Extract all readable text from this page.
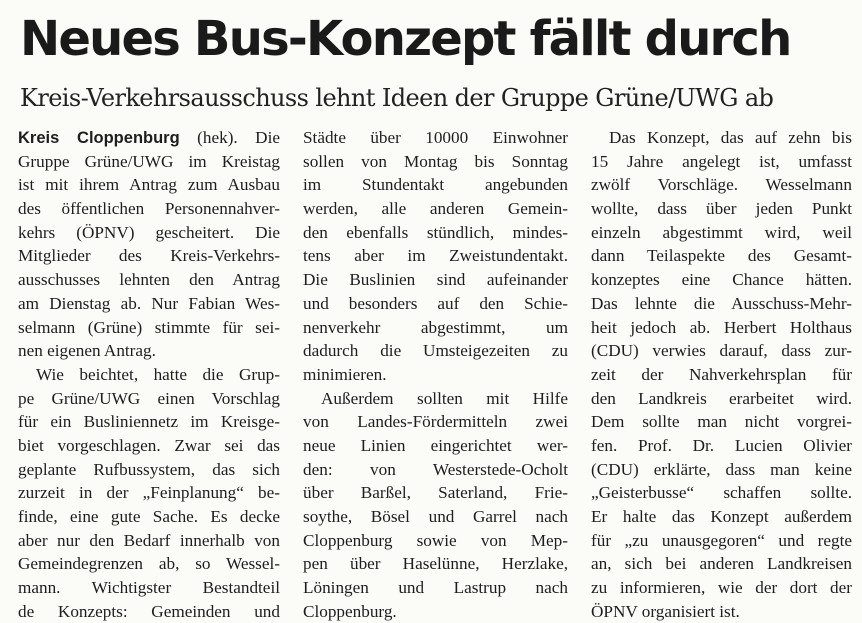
Neues Bus-Konzept fällt durch
Kreis-Verkehrsausschuss lehnt Ideen der Gruppe Grüne/UWG ab
Kreis Cloppenburg (hek). Die
Gruppe Grüne/UWG im Kreistag
ist mit ihrem Antrag zum Ausbau
des öffentlichen Personennahver-
kehrs (ÖPNV) gescheitert. Die
Mitglieder des Kreis-Verkehrs-
ausschusses lehnten den Antrag
am Dienstag ab. Nur Fabian Wes-
selmann (Grüne) stimmte für sei-
nen eigenen Antrag.
Wie beichtet, hatte die Grup-
pe Grüne/UWG einen Vorschlag
für ein Busliniennetz im Kreisge-
biet vorgeschlagen. Zwar sei das
geplante Rufbussystem, das sich
zurzeit in der „Feinplanung“ be-
finde, eine gute Sache. Es decke
aber nur den Bedarf innerhalb von
Gemeindegrenzen ab, so Wessel-
mann. Wichtigster Bestandteil
de Konzepts: Gemeinden und
Städte über 10000 Einwohner
sollen von Montag bis Sonntag
im Stundentakt angebunden
werden, alle anderen Gemein-
den ebenfalls stündlich, mindes-
tens aber im Zweistundentakt.
Die Buslinien sind aufeinander
und besonders auf den Schie-
nenverkehr abgestimmt, um
dadurch die Umsteigezeiten zu
minimieren.
Außerdem sollten mit Hilfe
von Landes-Fördermitteln zwei
neue Linien eingerichtet wer-
den: von Westerstede-Ocholt
über Barßel, Saterland, Frie-
soythe, Bösel und Garrel nach
Cloppenburg sowie von Mep-
pen über Haselünne, Herzlake,
Löningen und Lastrup nach
Cloppenburg.
Das Konzept, das auf zehn bis
15 Jahre angelegt ist, umfasst
zwölf Vorschläge. Wesselmann
wollte, dass über jeden Punkt
einzeln abgestimmt wird, weil
dann Teilaspekte des Gesamt-
konzeptes eine Chance hätten.
Das lehnte die Ausschuss-Mehr-
heit jedoch ab. Herbert Holthaus
(CDU) verwies darauf, dass zur-
zeit der Nahverkehrsplan für
den Landkreis erarbeitet wird.
Dem sollte man nicht vorgrei-
fen. Prof. Dr. Lucien Olivier
(CDU) erklärte, dass man keine
„Geisterbusse“ schaffen sollte.
Er halte das Konzept außerdem
für „zu unausgegoren“ und regte
an, sich bei anderen Landkreisen
zu informieren, wie der dort der
ÖPNV organisiert ist.
